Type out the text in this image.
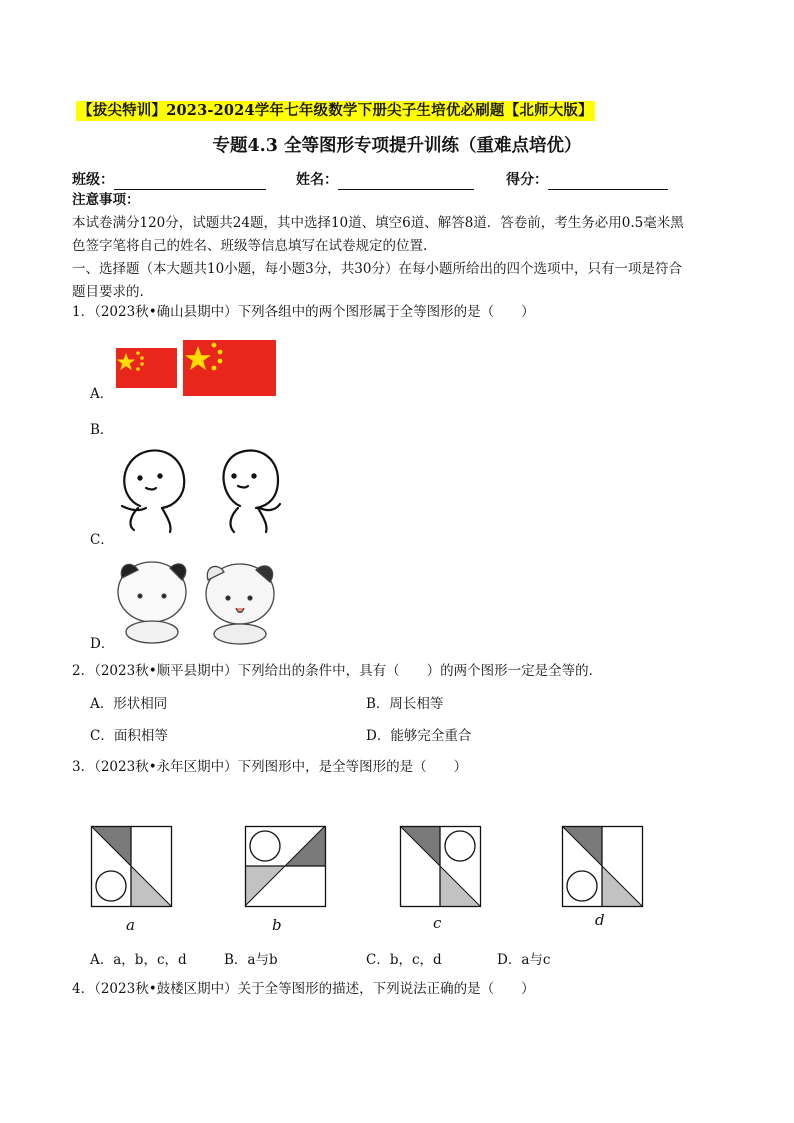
【拔尖特训】2023-2024学年七年级数学下册尖子生培优必刷题【北师大版】
专题4.3 全等图形专项提升训练（重难点培优）
班级：	姓名：	得分：
注意事项：
本试卷满分120分，试题共24题，其中选择10道、填空6道、解答8道．答卷前，考生务必用0.5毫米黑
色签字笔将自己的姓名、班级等信息填写在试卷规定的位置.
一、选择题（本大题共10小题，每小题3分，共30分）在每小题所给出的四个选项中，只有一项是符合
题目要求的.
1．（2023秋•确山县期中）下列各组中的两个图形属于全等图形的是（　　）
A．
B．
C．
D．
2．（2023秋•顺平县期中）下列给出的条件中，具有（　　）的两个图形一定是全等的．
A．形状相同	B．周长相等
C．面积相等	D．能够完全重合
3．（2023秋•永年区期中）下列图形中，是全等图形的是（　　）
a	b	c	d
A．a，b，c，d	B．a与b	C．b，c，d	D．a与c
4．（2023秋•鼓楼区期中）关于全等图形的描述，下列说法正确的是（　　）
